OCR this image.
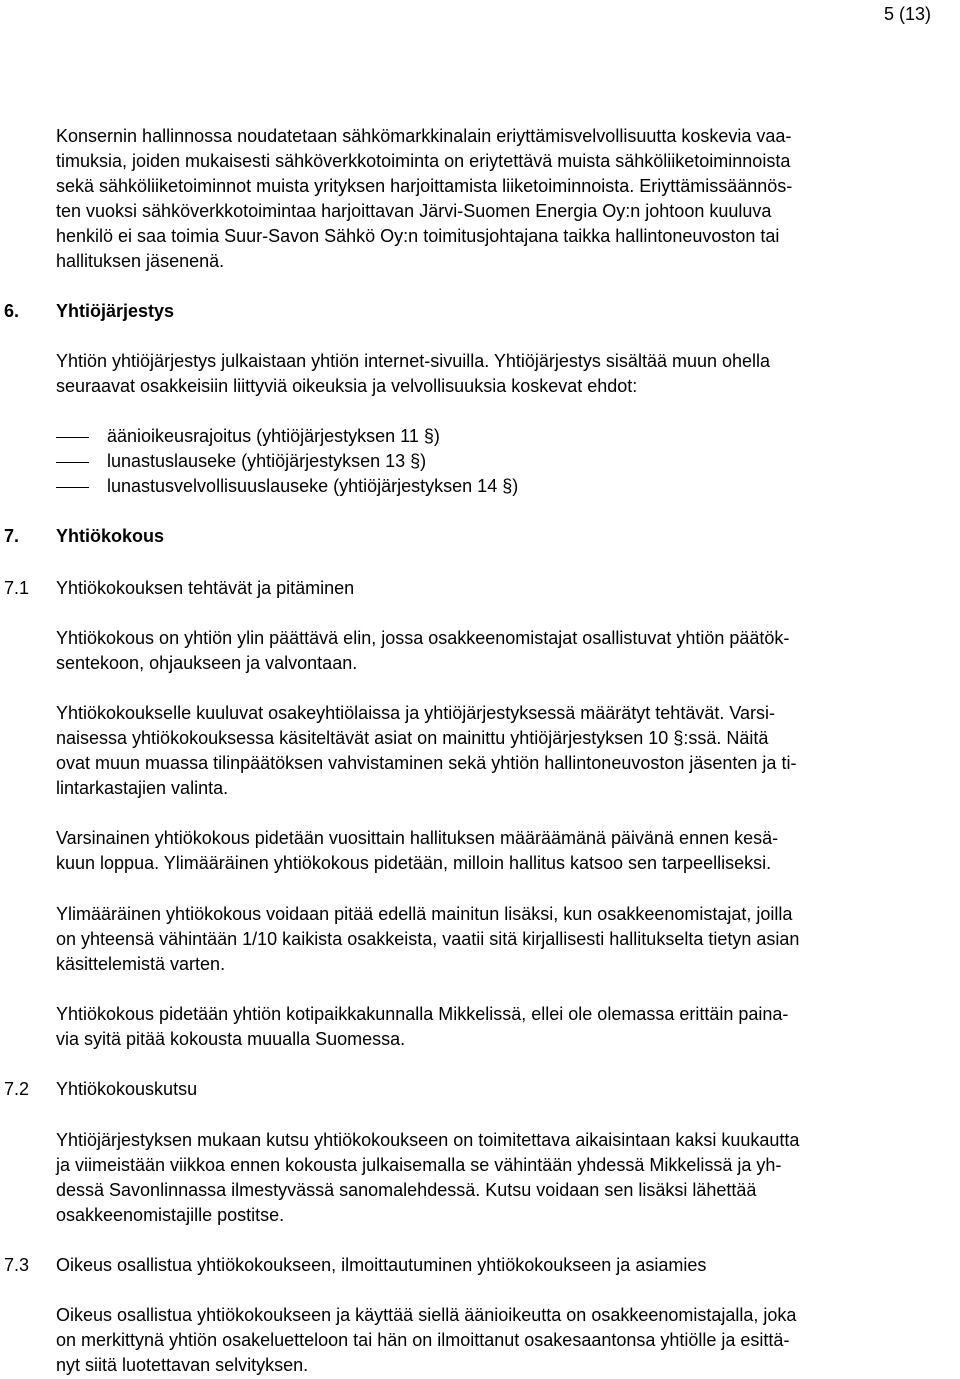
5 (13)
Konsernin hallinnossa noudatetaan sähkömarkkinalain eriyttämisvelvollisuutta koskevia vaa-
timuksia, joiden mukaisesti sähköverkkotoiminta on eriytettävä muista sähköliiketoiminnoista
sekä sähköliiketoiminnot muista yrityksen harjoittamista liiketoiminnoista. Eriyttämissäännös-
ten vuoksi sähköverkkotoimintaa harjoittavan Järvi-Suomen Energia Oy:n johtoon kuuluva
henkilö ei saa toimia Suur-Savon Sähkö Oy:n toimitusjohtajana taikka hallintoneuvoston tai
hallituksen jäsenenä.
6. Yhtiöjärjestys
Yhtiön yhtiöjärjestys julkaistaan yhtiön internet-sivuilla. Yhtiöjärjestys sisältää muun ohella
seuraavat osakkeisiin liittyviä oikeuksia ja velvollisuuksia koskevat ehdot:
äänioikeusrajoitus (yhtiöjärjestyksen 11 §)
lunastuslauseke (yhtiöjärjestyksen 13 §)
lunastusvelvollisuuslauseke (yhtiöjärjestyksen 14 §)
7. Yhtiökokous
7.1 Yhtiökokouksen tehtävät ja pitäminen
Yhtiökokous on yhtiön ylin päättävä elin, jossa osakkeenomistajat osallistuvat yhtiön päätök-
sentekoon, ohjaukseen ja valvontaan.
Yhtiökokoukselle kuuluvat osakeyhtiölaissa ja yhtiöjärjestyksessä määrätyt tehtävät. Varsi-
naisessa yhtiökokouksessa käsiteltävät asiat on mainittu yhtiöjärjestyksen 10 §:ssä. Näitä
ovat muun muassa tilinpäätöksen vahvistaminen sekä yhtiön hallintoneuvoston jäsenten ja ti-
lintarkastajien valinta.
Varsinainen yhtiökokous pidetään vuosittain hallituksen määräämänä päivänä ennen kesä-
kuun loppua. Ylimääräinen yhtiökokous pidetään, milloin hallitus katsoo sen tarpeelliseksi.
Ylimääräinen yhtiökokous voidaan pitää edellä mainitun lisäksi, kun osakkeenomistajat, joilla
on yhteensä vähintään 1/10 kaikista osakkeista, vaatii sitä kirjallisesti hallitukselta tietyn asian
käsittelemistä varten.
Yhtiökokous pidetään yhtiön kotipaikkakunnalla Mikkelissä, ellei ole olemassa erittäin paina-
via syitä pitää kokousta muualla Suomessa.
7.2 Yhtiökokouskutsu
Yhtiöjärjestyksen mukaan kutsu yhtiökokoukseen on toimitettava aikaisintaan kaksi kuukautta
ja viimeistään viikkoa ennen kokousta julkaisemalla se vähintään yhdessä Mikkelissä ja yh-
dessä Savonlinnassa ilmestyvässä sanomalehdessä. Kutsu voidaan sen lisäksi lähettää
osakkeenomistajille postitse.
7.3 Oikeus osallistua yhtiökokoukseen, ilmoittautuminen yhtiökokoukseen ja asiamies
Oikeus osallistua yhtiökokoukseen ja käyttää siellä äänioikeutta on osakkeenomistajalla, joka
on merkittynä yhtiön osakeluetteloon tai hän on ilmoittanut osakesaantonsa yhtiölle ja esittä-
nyt siitä luotettavan selvityksen.
